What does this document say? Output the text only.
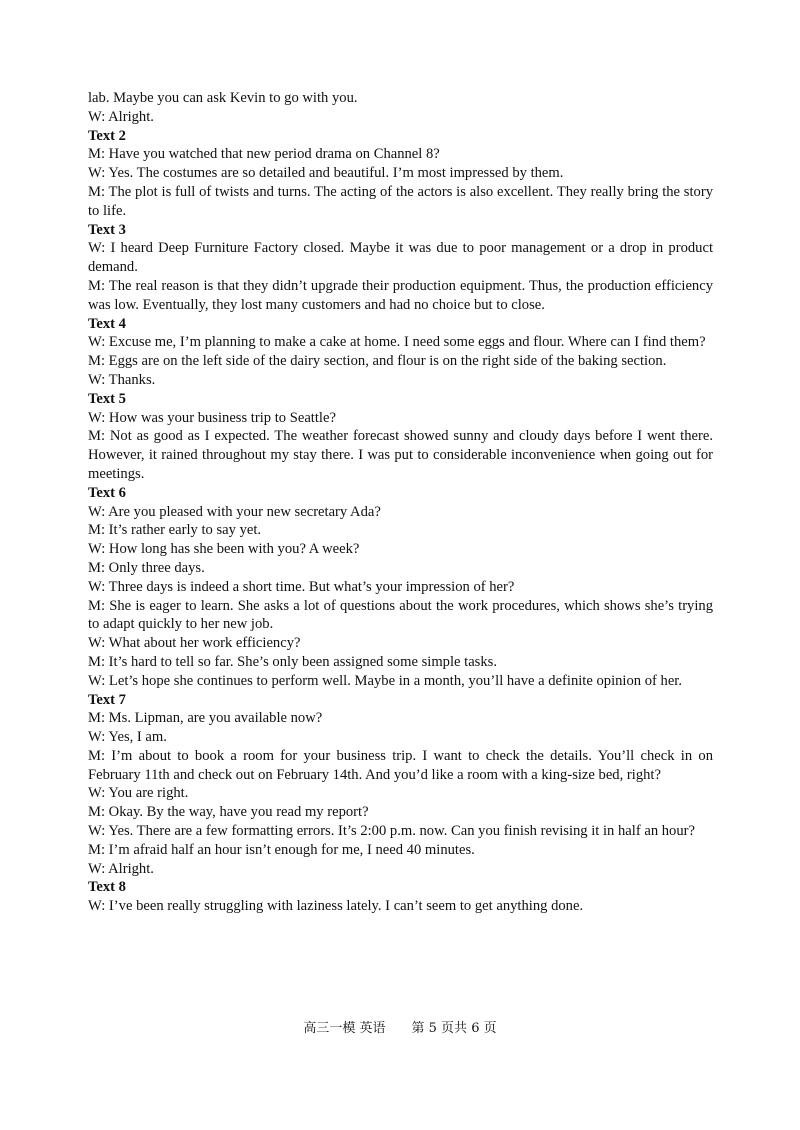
lab. Maybe you can ask Kevin to go with you.

W: Alright.

Text 2

M: Have you watched that new period drama on Channel 8?

W: Yes. The costumes are so detailed and beautiful. I’m most impressed by them.

M: The plot is full of twists and turns. The acting of the actors is also excellent. They really bring the story to life.

Text 3

W: I heard Deep Furniture Factory closed. Maybe it was due to poor management or a drop in product demand.

M: The real reason is that they didn’t upgrade their production equipment. Thus, the production efficiency was low. Eventually, they lost many customers and had no choice but to close.

Text 4

W: Excuse me, I’m planning to make a cake at home. I need some eggs and flour. Where can I find them?

M: Eggs are on the left side of the dairy section, and flour is on the right side of the baking section.

W: Thanks.

Text 5

W: How was your business trip to Seattle?

M: Not as good as I expected. The weather forecast showed sunny and cloudy days before I went there. However, it rained throughout my stay there. I was put to considerable inconvenience when going out for meetings.

Text 6

W: Are you pleased with your new secretary Ada?

M: It’s rather early to say yet.

W: How long has she been with you? A week?

M: Only three days.

W: Three days is indeed a short time. But what’s your impression of her?

M: She is eager to learn. She asks a lot of questions about the work procedures, which shows she’s trying to adapt quickly to her new job.

W: What about her work efficiency?

M: It’s hard to tell so far. She’s only been assigned some simple tasks.

W: Let’s hope she continues to perform well. Maybe in a month, you’ll have a definite opinion of her.

Text 7

M: Ms. Lipman, are you available now?

W: Yes, I am.

M: I’m about to book a room for your business trip. I want to check the details. You’ll check in on February 11th and check out on February 14th. And you’d like a room with a king-size bed, right?

W: You are right.

M: Okay. By the way, have you read my report?

W: Yes. There are a few formatting errors. It’s 2:00 p.m. now. Can you finish revising it in half an hour?

M: I’m afraid half an hour isn’t enough for me, I need 40 minutes.

W: Alright.

Text 8

W: I’ve been really struggling with laziness lately. I can’t seem to get anything done.

高三一模 英语　　第 5 页共 6 页
